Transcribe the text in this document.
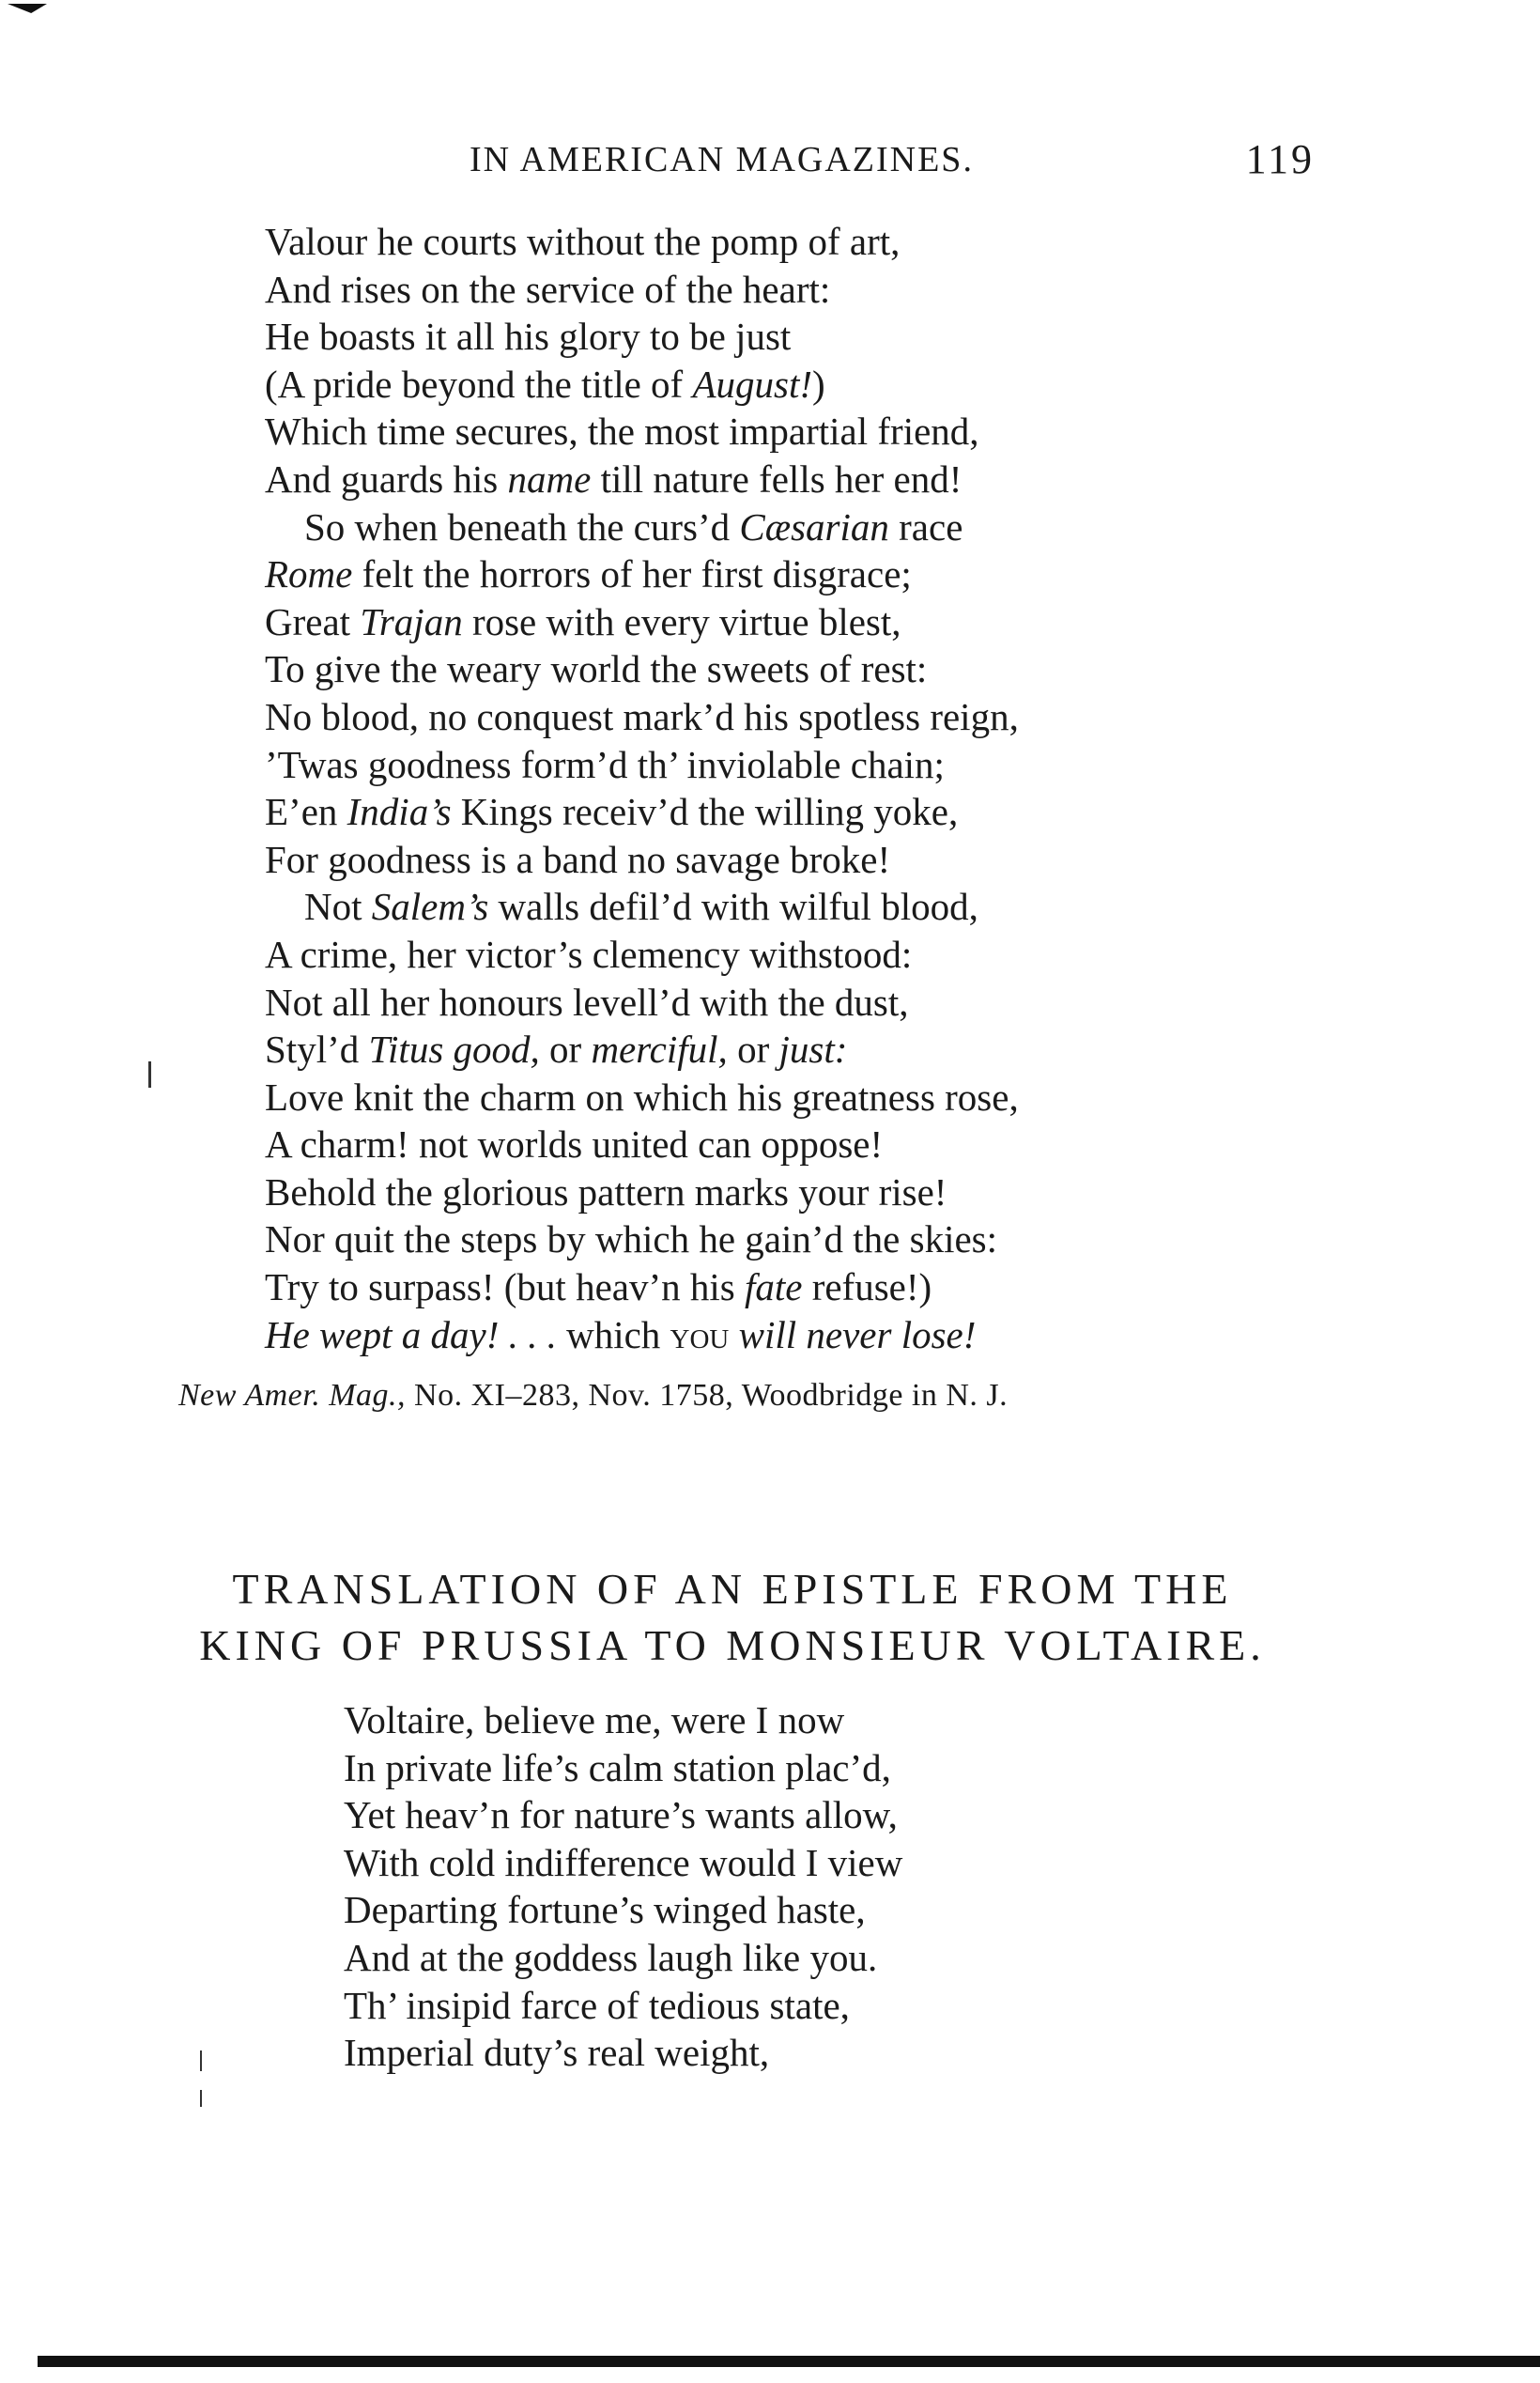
IN AMERICAN MAGAZINES.	119
Valour he courts without the pomp of art,
And rises on the service of the heart:
He boasts it all his glory to be just
(A pride beyond the title of August!)
Which time secures, the most impartial friend,
And guards his name till nature fells her end!
So when beneath the curs’d Cæsarian race
Rome felt the horrors of her first disgrace;
Great Trajan rose with every virtue blest,
To give the weary world the sweets of rest:
No blood, no conquest mark’d his spotless reign,
’Twas goodness form’d th’ inviolable chain;
E’en India’s Kings receiv’d the willing yoke,
For goodness is a band no savage broke!
Not Salem’s walls defil’d with wilful blood,
A crime, her victor’s clemency withstood:
Not all her honours levell’d with the dust,
Styl’d Titus good, or merciful, or just:
Love knit the charm on which his greatness rose,
A charm! not worlds united can oppose!
Behold the glorious pattern marks your rise!
Nor quit the steps by which he gain’d the skies:
Try to surpass! (but heav’n his fate refuse!)
He wept a day! . . . which you will never lose!
New Amer. Mag., No. XI–283, Nov. 1758, Woodbridge in N. J.
TRANSLATION OF AN EPISTLE FROM THE
KING OF PRUSSIA TO MONSIEUR VOLTAIRE.
Voltaire, believe me, were I now
In private life’s calm station plac’d,
Yet heav’n for nature’s wants allow,
With cold indifference would I view
Departing fortune’s winged haste,
And at the goddess laugh like you.
Th’ insipid farce of tedious state,
Imperial duty’s real weight,
